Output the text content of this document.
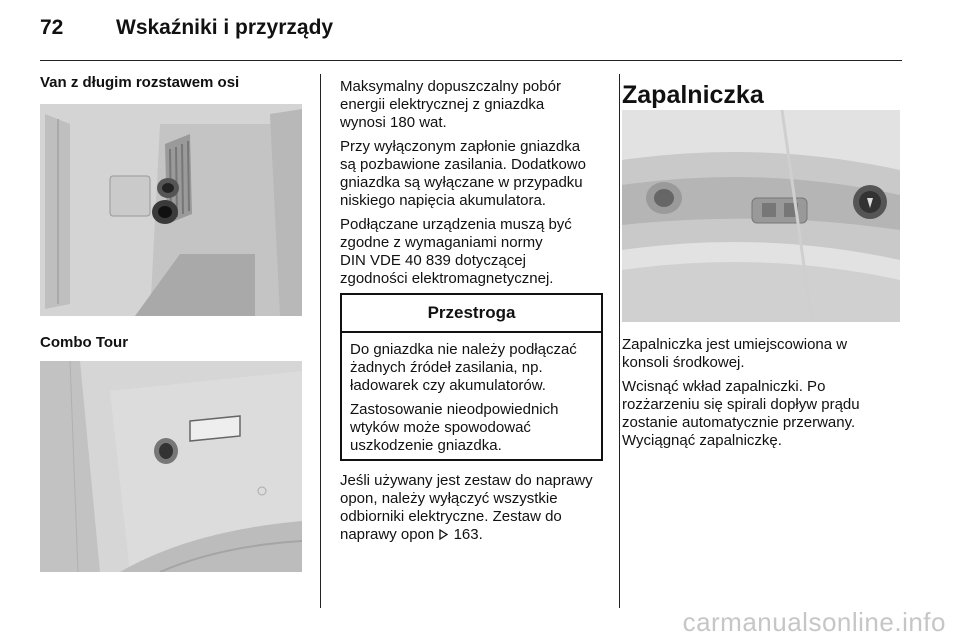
72	Wskaźniki i przyrządy
Van z długim rozstawem osi
Combo Tour

Maksymalny dopuszczalny pobór
energii elektrycznej z gniazdka
wynosi 180 wat.

Przy wyłączonym zapłonie gniazdka
są pozbawione zasilania. Dodatkowo
gniazdka są wyłączane w przypadku
niskiego napięcia akumulatora.

Podłączane urządzenia muszą być
zgodne z wymaganiami normy
DIN VDE 40 839 dotyczącej
zgodności elektromagnetycznej.

Przestroga

Do gniazdka nie należy podłączać
żadnych źródeł zasilania, np.
ładowarek czy akumulatorów.

Zastosowanie nieodpowiednich
wtyków może spowodować
uszkodzenie gniazdka.

Jeśli używany jest zestaw do naprawy
opon, należy wyłączyć wszystkie
odbiorniki elektryczne. Zestaw do
naprawy opon 163.

Zapalniczka

Zapalniczka jest umiejscowiona w
konsoli środkowej.

Wcisnąć wkład zapalniczki. Po
rozżarzeniu się spirali dopływ prądu
zostanie automatycznie przerwany.
Wyciągnąć zapalniczkę.

carmanualsonline.info
